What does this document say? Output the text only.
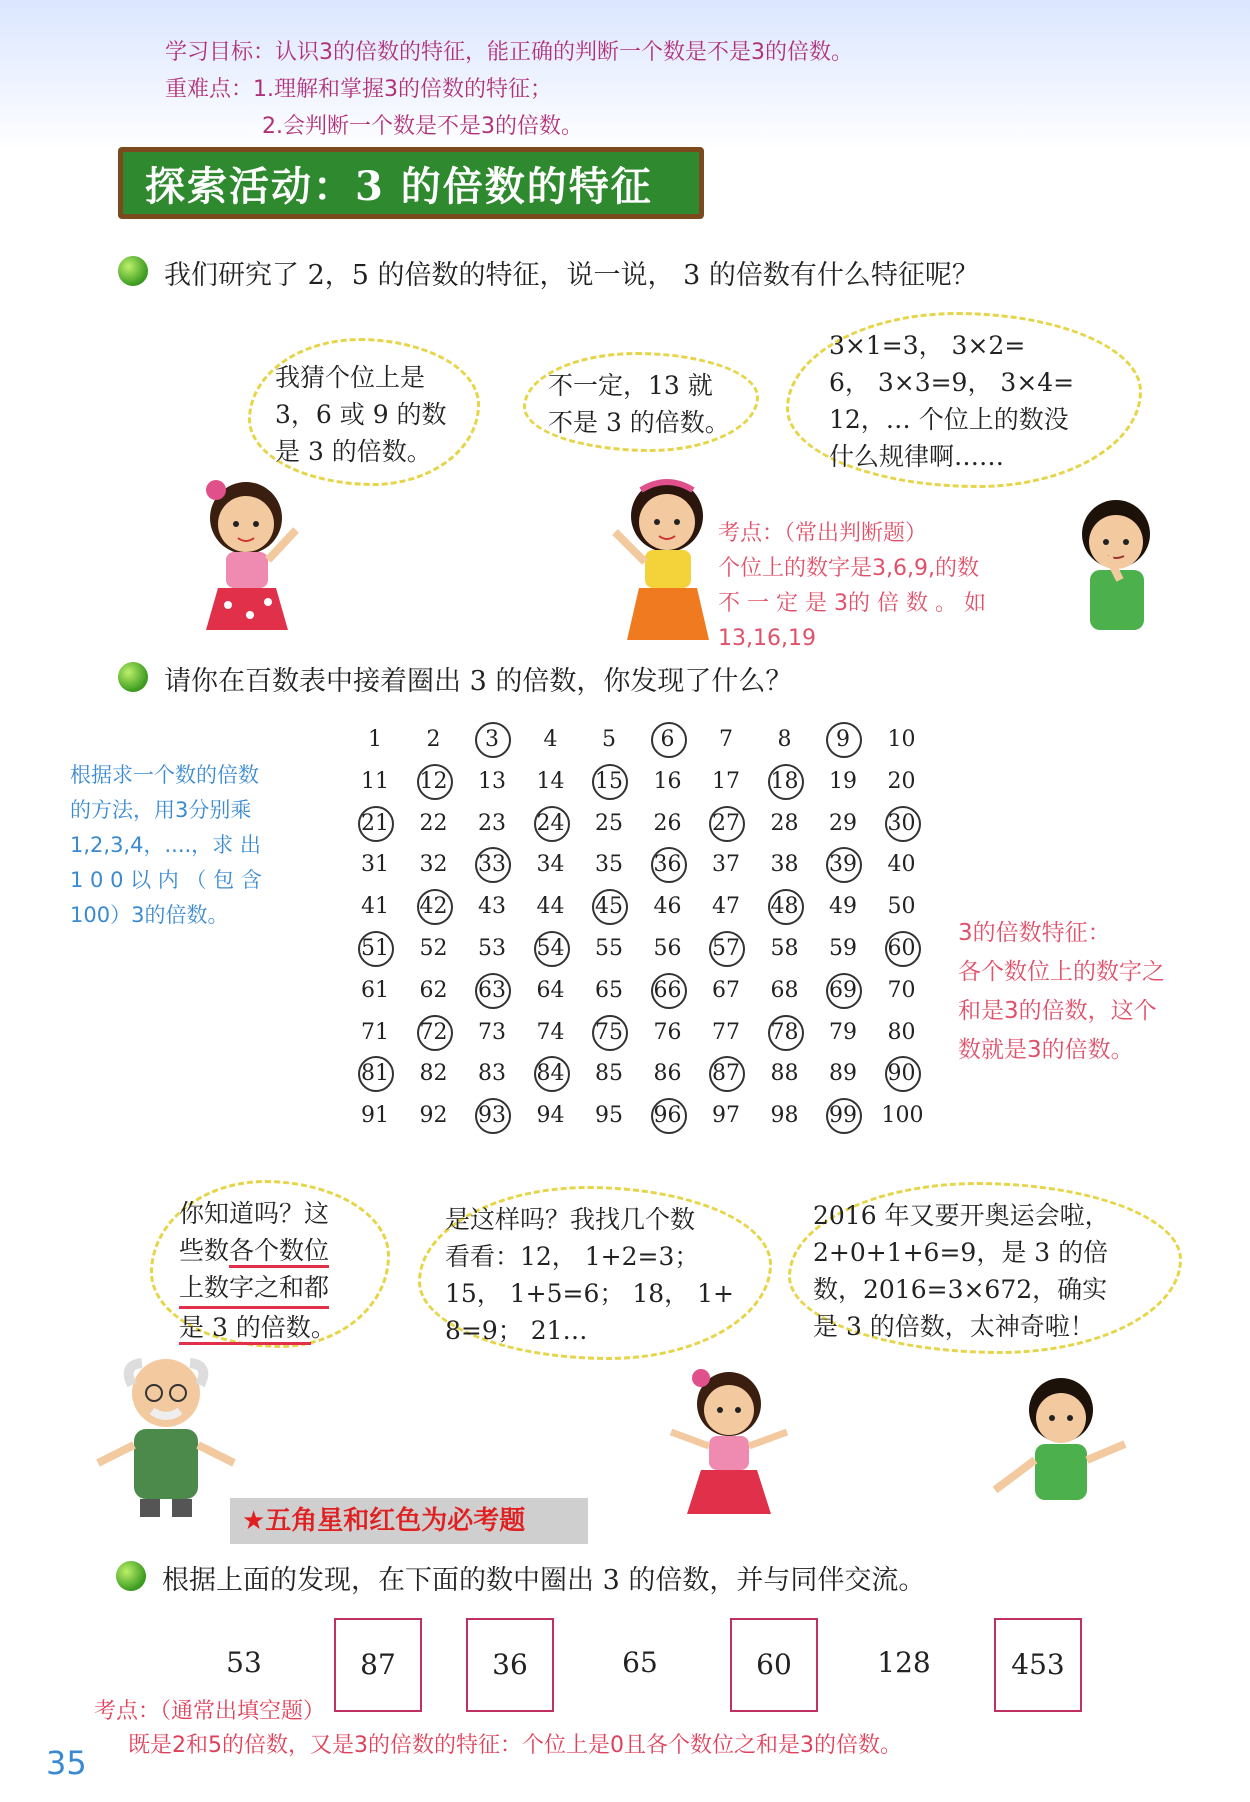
学习目标：认识3的倍数的特征，能正确的判断一个数是不是3的倍数。
重难点：1.理解和掌握3的倍数的特征；
2.会判断一个数是不是3的倍数。
探索活动：3 的倍数的特征
我们研究了 2，5 的倍数的特征，说一说， 3 的倍数有什么特征呢？
我猜个位上是
3，6 或 9 的数
是 3 的倍数。
不一定，13 就
不是 3 的倍数。
3×1=3， 3×2=
6， 3×3=9， 3×4=
12，… 个位上的数没
什么规律啊……
考点：（常出判断题）
个位上的数字是3,6,9,的数
不 一 定 是 3的 倍 数 。 如
13,16,19
请你在百数表中接着圈出 3 的倍数，你发现了什么？
根据求一个数的倍数
的方法，用3分别乘
1,2,3,4，....，求 出
1 0 0 以 内 （ 包 含
100）3的倍数。
1	2	3	4	5	6	7	8	9	10
11 12 13 14 15 16 17 18 19 20
21 22 23 24 25 26 27 28 29 30
31 32 33 34 35 36 37 38 39 40
41 42 43 44 45 46 47 48 49 50
51 52 53 54 55 56 57 58 59 60
61 62 63 64 65 66 67 68 69 70
71 72 73 74 75 76 77 78 79 80
81 82 83 84 85 86 87 88 89 90
91 92 93 94 95 96 97 98 99 100
3的倍数特征：
各个数位上的数字之
和是3的倍数，这个
数就是3的倍数。
你知道吗？这
些数各个数位
上数字之和都
是 3 的倍数。
是这样吗？我找几个数
看看：12， 1+2=3；
15， 1+5=6； 18， 1+
8=9； 21…
2016 年又要开奥运会啦，
2+0+1+6=9，是 3 的倍
数，2016=3×672，确实
是 3 的倍数，太神奇啦！
★五角星和红色为必考题
根据上面的发现，在下面的数中圈出 3 的倍数，并与同伴交流。
53	87	36	65	60	128	453
考点：（通常出填空题）
既是2和5的倍数，又是3的倍数的特征：个位上是0且各个数位之和是3的倍数。
35
